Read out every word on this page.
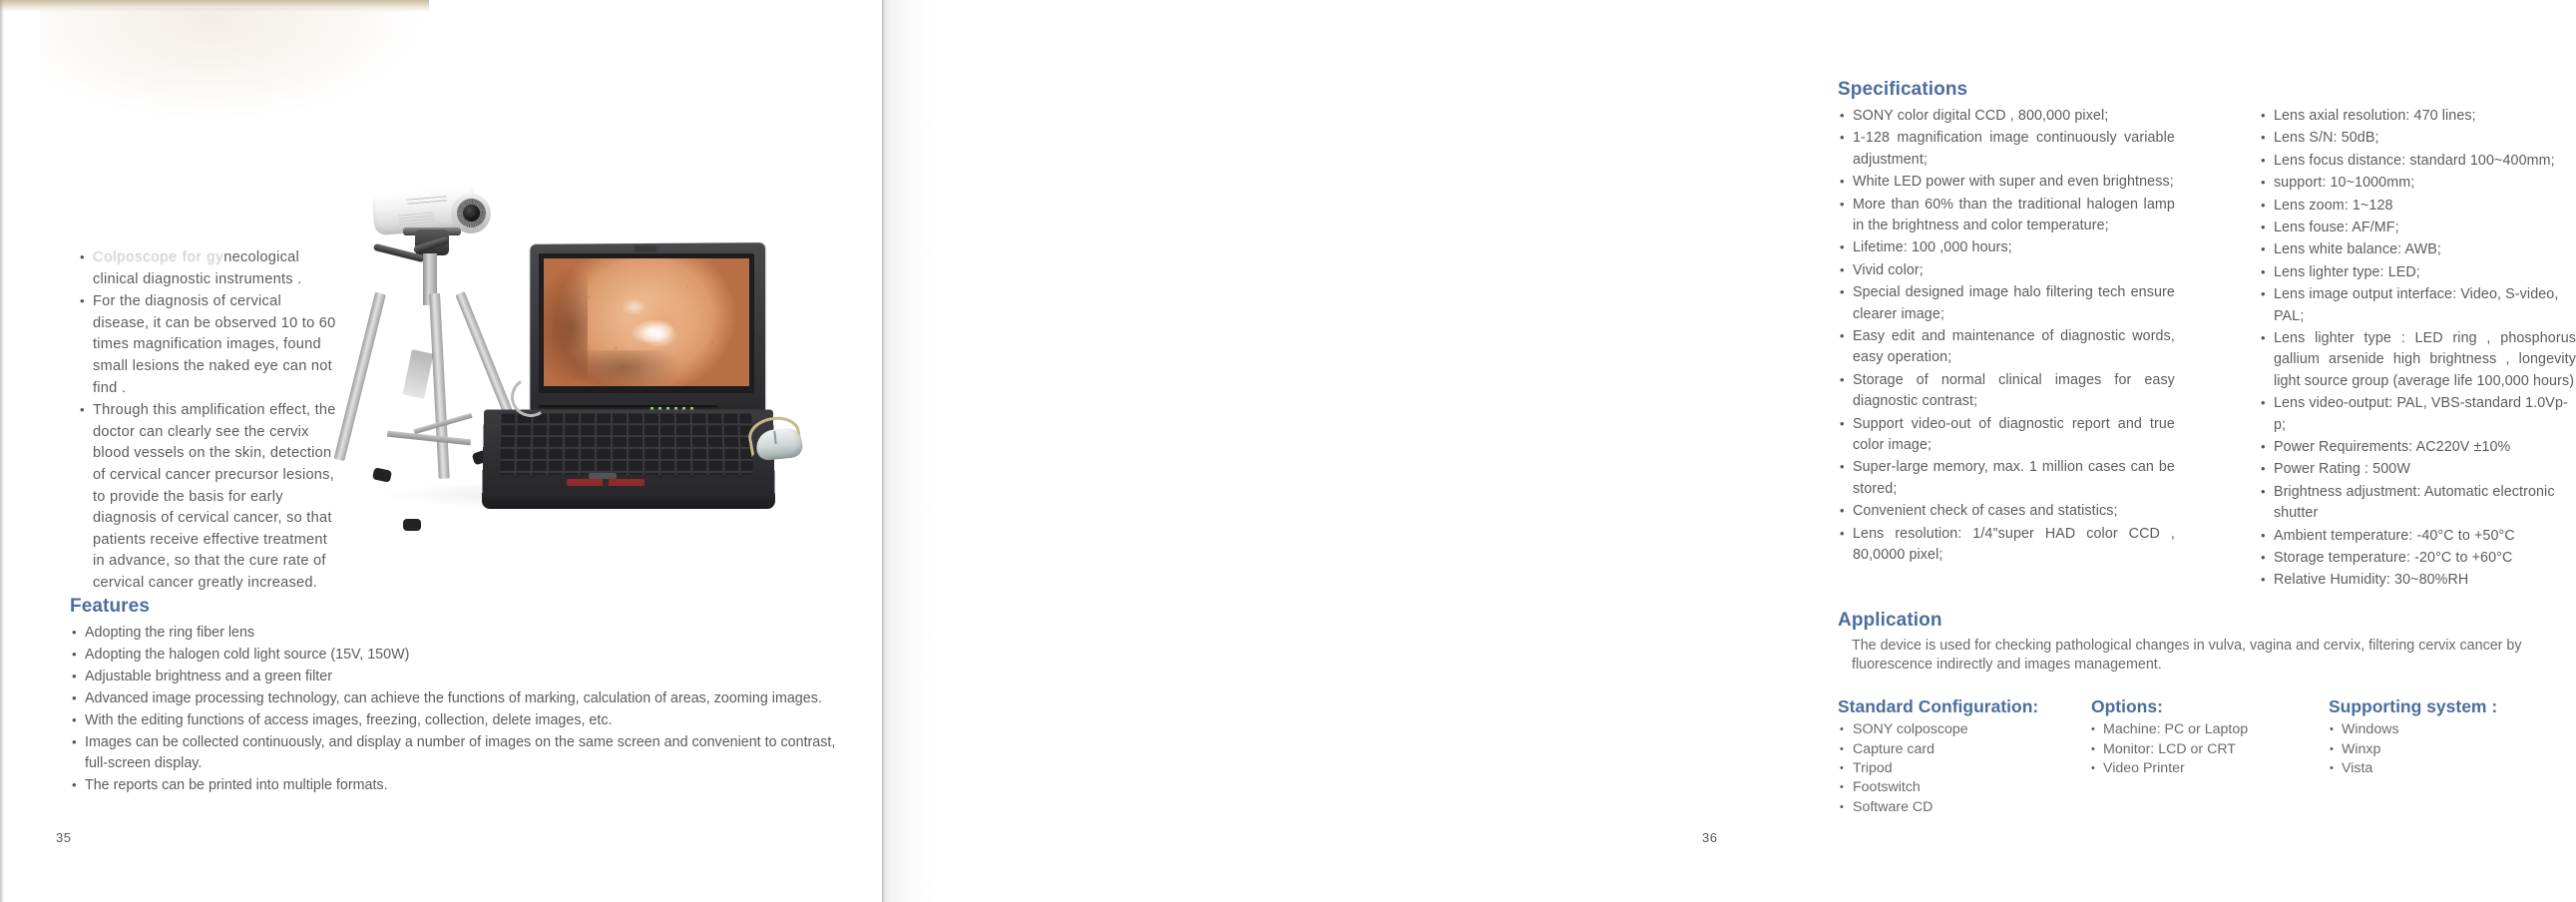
• Colposcope for gynecological clinical diagnostic instruments .
• For the diagnosis of cervical disease, it can be observed 10 to 60 times magnification images, found small lesions the naked eye can not find .
• Through this amplification effect, the doctor can clearly see the cervix blood vessels on the skin, detection of cervical cancer precursor lesions, to provide the basis for early diagnosis of cervical cancer, so that patients receive effective treatment in advance, so that the cure rate of cervical cancer greatly increased.
Features
• Adopting the ring fiber lens
• Adopting the halogen cold light source (15V, 150W)
• Adjustable brightness and a green filter
• Advanced image processing technology, can achieve the functions of marking, calculation of areas, zooming images.
• With the editing functions of access images, freezing, collection, delete images, etc.
• Images can be collected continuously, and display a number of images on the same screen and convenient to contrast, full-screen display.
• The reports can be printed into multiple formats.
35
Specifications
• SONY color digital CCD , 800,000 pixel;
• 1-128 magnification image continuously variable adjustment;
• White LED power with super and even brightness;
• More than 60% than the traditional halogen lamp in the brightness and color temperature;
• Lifetime: 100 ,000 hours;
• Vivid color;
• Special designed image halo filtering tech ensure clearer image;
• Easy edit and maintenance of diagnostic words, easy operation;
• Storage of normal clinical images for easy diagnostic contrast;
• Support video-out of diagnostic report and true color image;
• Super-large memory, max. 1 million cases can be stored;
• Convenient check of cases and statistics;
• Lens resolution: 1/4"super HAD color CCD , 80,0000 pixel;
• Lens axial resolution: 470 lines;
• Lens S/N: 50dB;
• Lens focus distance: standard 100~400mm;
• support: 10~1000mm;
• Lens zoom: 1~128
• Lens fouse: AF/MF;
• Lens white balance: AWB;
• Lens lighter type: LED;
• Lens image output interface: Video, S-video, PAL;
• Lens lighter type : LED ring , phosphorus gallium arsenide high brightness , longevity light source group (average life 100,000 hours)
• Lens video-output: PAL, VBS-standard 1.0Vp-p;
• Power Requirements: AC220V ±10%
• Power Rating : 500W
• Brightness adjustment: Automatic electronic shutter
• Ambient temperature: -40°C to +50°C
• Storage temperature: -20°C to +60°C
• Relative Humidity: 30~80%RH
Application
The device is used for checking pathological changes in vulva, vagina and cervix, filtering cervix cancer by fluorescence indirectly and images management.
Standard Configuration:
• SONY colposcope
• Capture card
• Tripod
• Footswitch
• Software CD
Options:
• Machine: PC or Laptop
• Monitor: LCD or CRT
• Video Printer
Supporting system :
• Windows
• Winxp
• Vista
36
